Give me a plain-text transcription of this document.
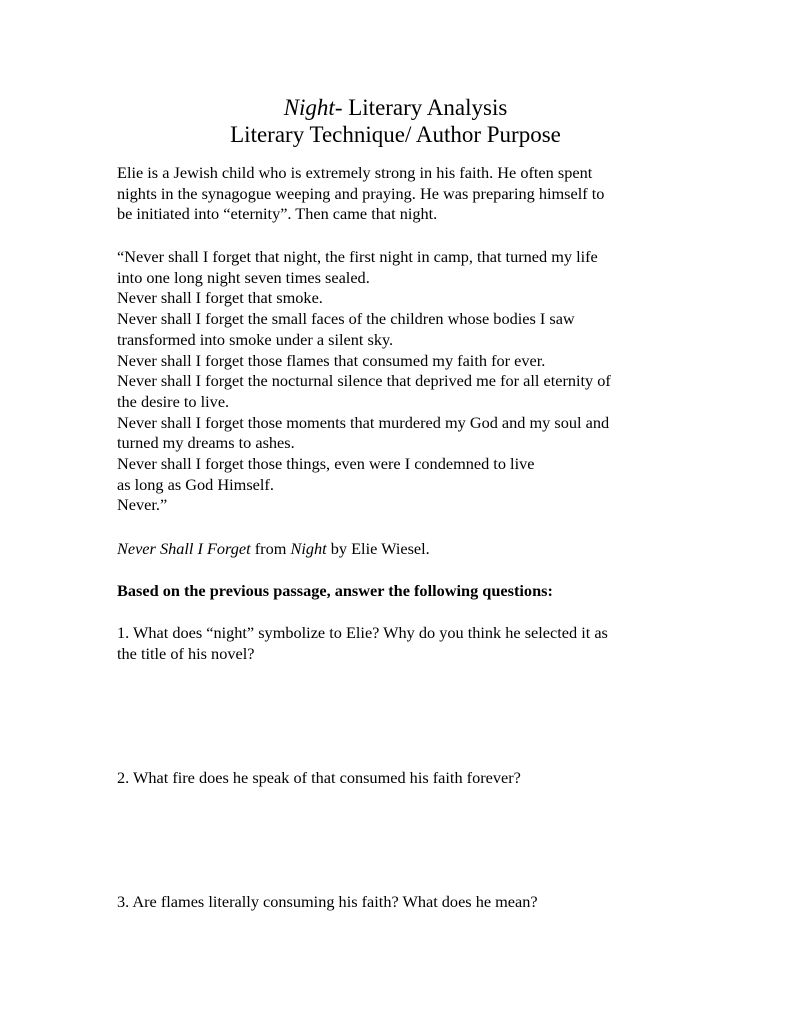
Night- Literary Analysis
Literary Technique/ Author Purpose
Elie is a Jewish child who is extremely strong in his faith. He often spent
nights in the synagogue weeping and praying. He was preparing himself to
be initiated into “eternity”. Then came that night.
“Never shall I forget that night, the first night in camp, that turned my life
into one long night seven times sealed.
Never shall I forget that smoke.
Never shall I forget the small faces of the children whose bodies I saw
transformed into smoke under a silent sky.
Never shall I forget those flames that consumed my faith for ever.
Never shall I forget the nocturnal silence that deprived me for all eternity of
the desire to live.
Never shall I forget those moments that murdered my God and my soul and
turned my dreams to ashes.
Never shall I forget those things, even were I condemned to live
as long as God Himself.
Never.”
Never Shall I Forget from Night by Elie Wiesel.
Based on the previous passage, answer the following questions:
1. What does “night” symbolize to Elie? Why do you think he selected it as
the title of his novel?
2. What fire does he speak of that consumed his faith forever?
3. Are flames literally consuming his faith? What does he mean?
